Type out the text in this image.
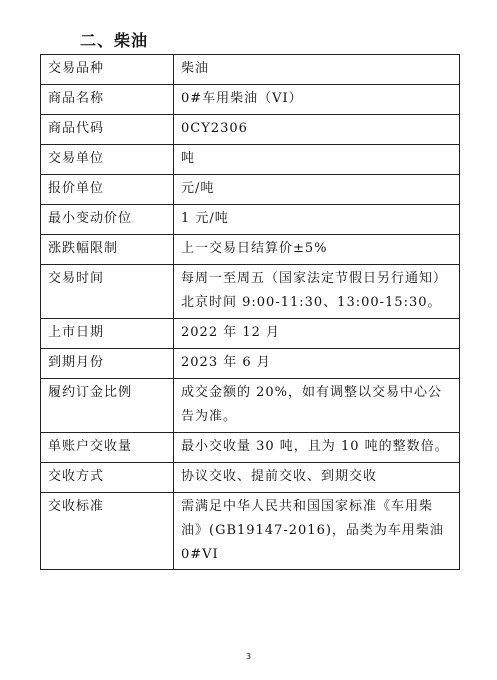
二、柴油
交易品种	柴油
商品名称	0#车用柴油（VI）
商品代码	0CY2306
交易单位	吨
报价单位	元/吨
最小变动价位	1 元/吨
涨跌幅限制	上一交易日结算价±5%
交易时间	每周一至周五（国家法定节假日另行通知）北京时间 9:00-11:30、13:00-15:30。
上市日期	2022 年 12 月
到期月份	2023 年 6 月
履约订金比例	成交金额的 20%，如有调整以交易中心公告为准。
单账户交收量	最小交收量 30 吨，且为 10 吨的整数倍。
交收方式	协议交收、提前交收、到期交收
交收标准	需满足中华人民共和国国家标准《车用柴油》(GB19147-2016)，品类为车用柴油 0#VI
3
